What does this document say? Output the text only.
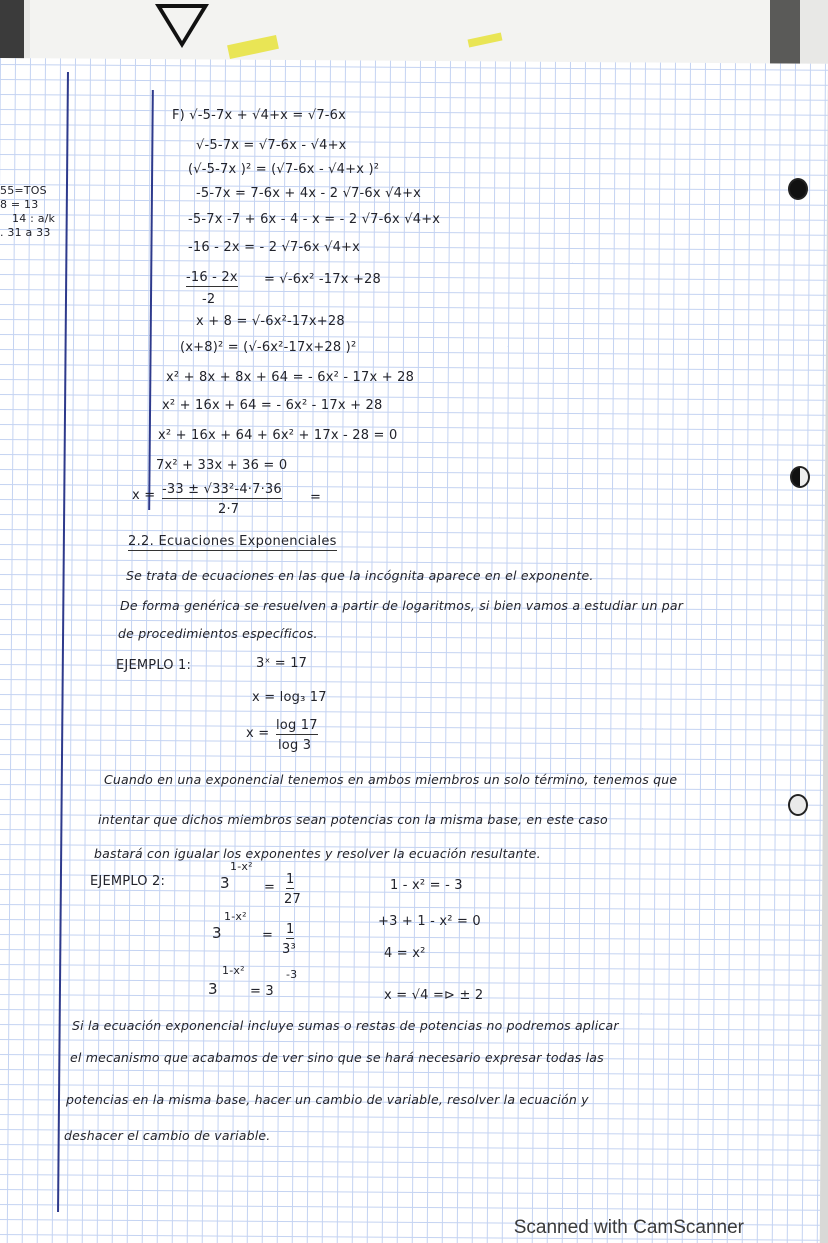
55=TOS
8 = 13
14 : a/k
. 31 a 33
F) √-5-7x + √4+x = √7-6x
√-5-7x = √7-6x - √4+x
(√-5-7x )² = (√7-6x - √4+x )²
-5-7x = 7-6x + 4x - 2 √7-6x √4+x
-5-7x -7 + 6x - 4 - x = - 2 √7-6x √4+x
-16 - 2x = - 2 √7-6x √4+x
-16 - 2x
-2
= √-6x² -17x +28
x + 8 = √-6x²-17x+28
(x+8)² = (√-6x²-17x+28 )²
x² + 8x + 8x + 64 = - 6x² - 17x + 28
x² + 16x + 64 = - 6x² - 17x + 28
x² + 16x + 64 + 6x² + 17x - 28 = 0
7x² + 33x + 36 = 0
x = -33 ± √33²-4·7·36
2·7
=
2.2. Ecuaciones Exponenciales
Se trata de ecuaciones en las que la incógnita aparece en el exponente.
De forma genérica se resuelven a partir de logaritmos, si bien vamos a estudiar un par
de procedimientos específicos.
EJEMPLO 1:	3ˣ = 17
x = log₃ 17
x =
log 17
log 3
Cuando en una exponencial tenemos en ambos miembros un solo término, tenemos que
intentar que dichos miembros sean potencias con la misma base, en este caso
bastará con igualar los exponentes y resolver la ecuación resultante.
EJEMPLO 2:	3
1-x²
=
1
27
3
1-x²
= 1
3³
3
1-x²
= 3
-3
1 - x² = - 3
+3 + 1 - x² = 0
4 = x²
x = √4 =⊳ ± 2
Si la ecuación exponencial incluye sumas o restas de potencias no podremos aplicar
el mecanismo que acabamos de ver sino que se hará necesario expresar todas las
potencias en la misma base, hacer un cambio de variable, resolver la ecuación y
deshacer el cambio de variable.
Scanned with CamScanner
